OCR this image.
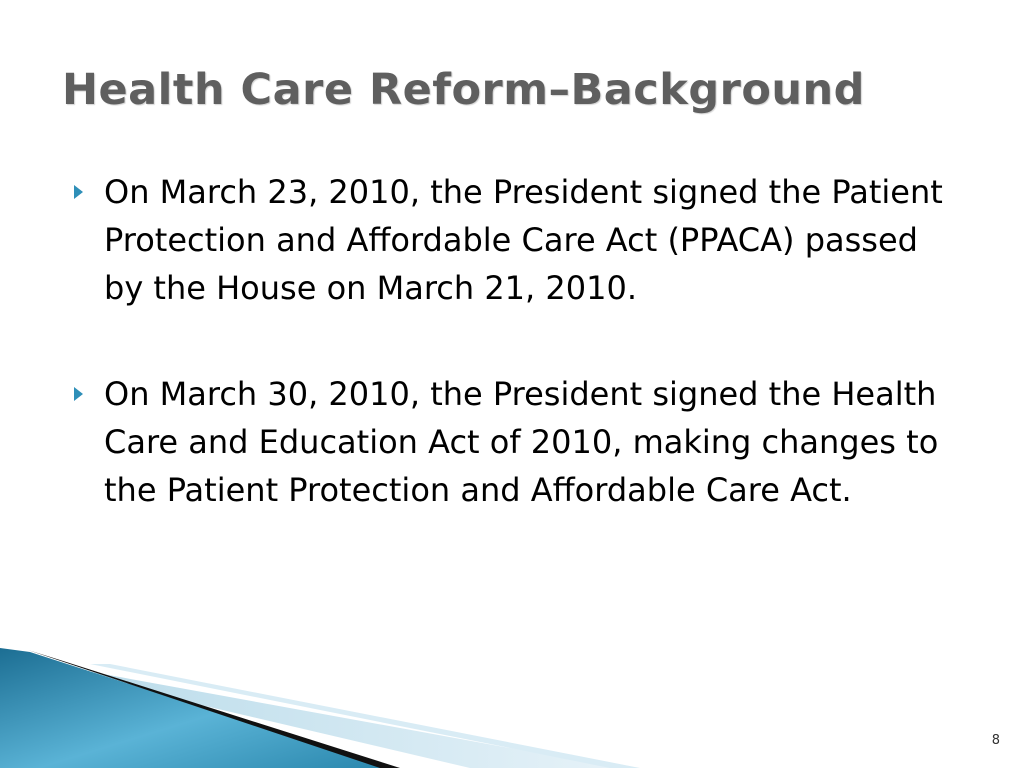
Health Care Reform–Background
On March 23, 2010, the President signed the Patient Protection and Affordable Care Act (PPACA) passed by the House on March 21, 2010.
On March 30, 2010, the President signed the Health Care and Education Act of 2010, making changes to the Patient Protection and Affordable Care Act.
8
